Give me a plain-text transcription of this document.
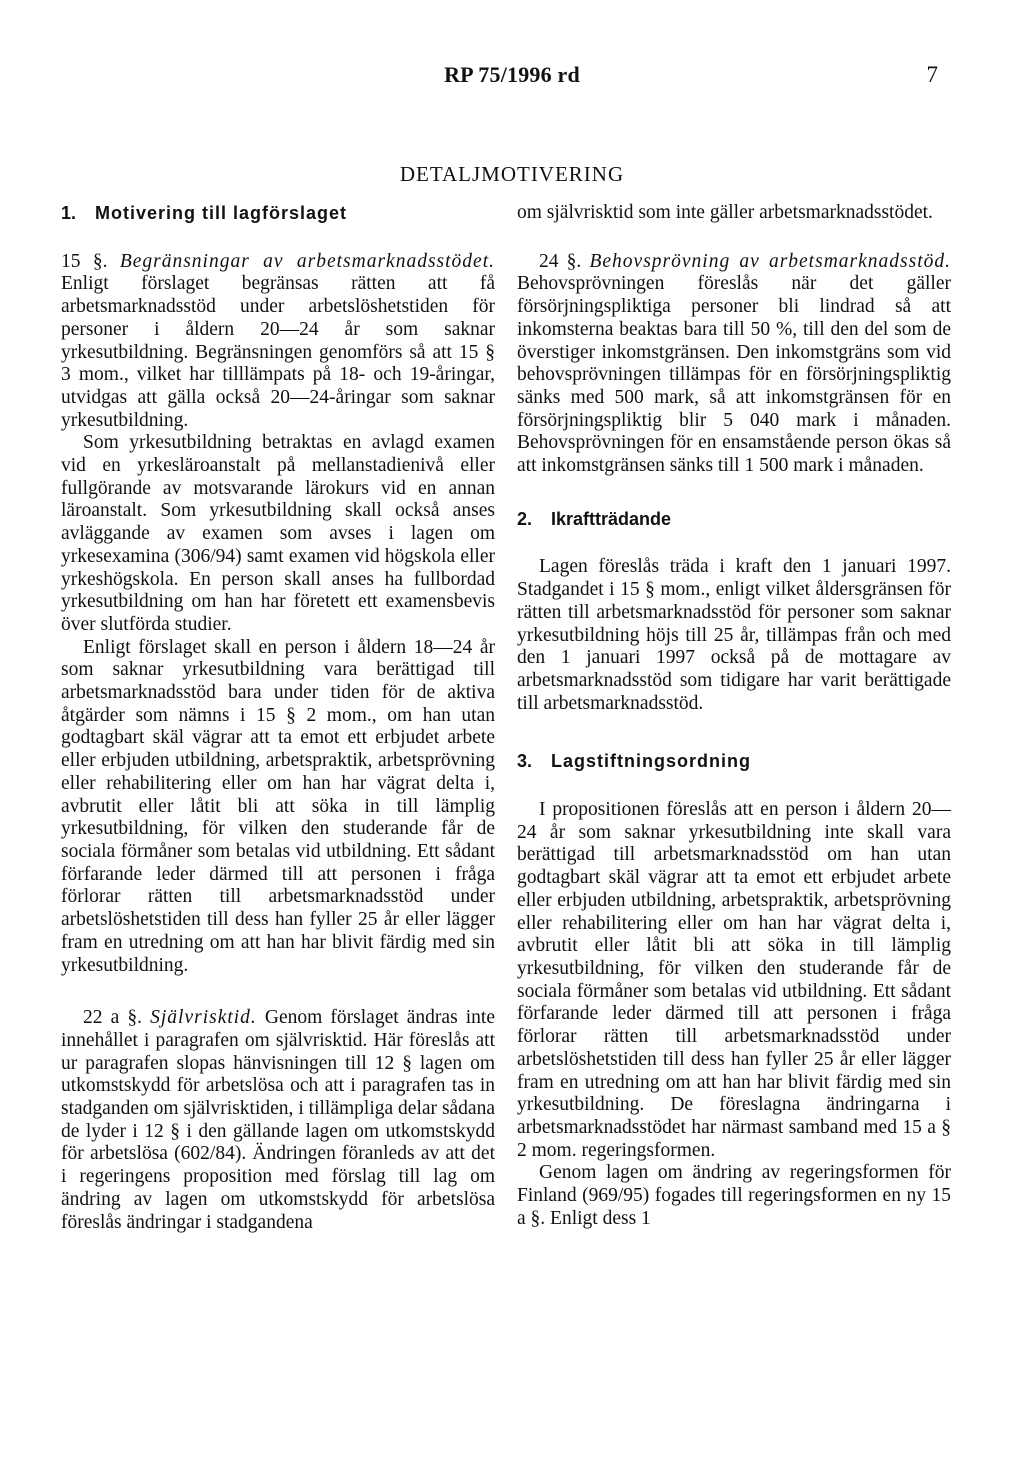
RP 75/1996 rd	7
DETALJMOTIVERING
1. Motivering till lagförslaget

15 §. Begränsningar av arbetsmarknadsstödet. Enligt förslaget begränsas rätten att få arbetsmarknadsstöd under arbetslöshetstiden för personer i åldern 20—24 år som saknar yrkesutbildning. Begränsningen genomförs så att 15 § 3 mom., vilket har tilllämpats på 18- och 19-åringar, utvidgas att gälla också 20—24-åringar som saknar yrkesutbildning.

Som yrkesutbildning betraktas en avlagd examen vid en yrkesläroanstalt på mellanstadienivå eller fullgörande av motsvarande lärokurs vid en annan läroanstalt. Som yrkesutbildning skall också anses avläggande av examen som avses i lagen om yrkesexamina (306/94) samt examen vid högskola eller yrkeshögskola. En person skall anses ha fullbordad yrkesutbildning om han har företett ett examensbevis över slutförda studier.

Enligt förslaget skall en person i åldern 18—24 år som saknar yrkesutbildning vara berättigad till arbetsmarknadsstöd bara under tiden för de aktiva åtgärder som nämns i 15 § 2 mom., om han utan godtagbart skäl vägrar att ta emot ett erbjudet arbete eller erbjuden utbildning, arbetspraktik, arbetsprövning eller rehabilitering eller om han har vägrat delta i, avbrutit eller låtit bli att söka in till lämplig yrkesutbildning, för vilken den studerande får de sociala förmåner som betalas vid utbildning. Ett sådant förfarande leder därmed till att personen i fråga förlorar rätten till arbetsmarknadsstöd under arbetslöshetstiden till dess han fyller 25 år eller lägger fram en utredning om att han har blivit färdig med sin yrkesutbildning.

22 a §. Självrisktid. Genom förslaget ändras inte innehållet i paragrafen om självrisktid. Här föreslås att ur paragrafen slopas hänvisningen till 12 § lagen om utkomstskydd för arbetslösa och att i paragrafen tas in stadganden om självrisktiden, i tillämpliga delar sådana de lyder i 12 § i den gällande lagen om utkomstskydd för arbetslösa (602/84). Ändringen föranleds av att det i regeringens proposition med förslag till lag om ändring av lagen om utkomstskydd för arbetslösa föreslås ändringar i stadgandena

om självrisktid som inte gäller arbetsmarknadsstödet.

24 §. Behovsprövning av arbetsmarknadsstöd. Behovsprövningen föreslås när det gäller försörjningspliktiga personer bli lindrad så att inkomsterna beaktas bara till 50 %, till den del som de överstiger inkomstgränsen. Den inkomstgräns som vid behovsprövningen tillämpas för en försörjningspliktig sänks med 500 mark, så att inkomstgränsen för en försörjningspliktig blir 5 040 mark i månaden. Behovsprövningen för en ensamstående person ökas så att inkomstgränsen sänks till 1 500 mark i månaden.

2. Ikraftträdande

Lagen föreslås träda i kraft den 1 januari 1997. Stadgandet i 15 § mom., enligt vilket åldersgränsen för rätten till arbetsmarknadsstöd för personer som saknar yrkesutbildning höjs till 25 år, tillämpas från och med den 1 januari 1997 också på de mottagare av arbetsmarknadsstöd som tidigare har varit berättigade till arbetsmarknadsstöd.

3. Lagstiftningsordning

I propositionen föreslås att en person i åldern 20—24 år som saknar yrkesutbildning inte skall vara berättigad till arbetsmarknadsstöd om han utan godtagbart skäl vägrar att ta emot ett erbjudet arbete eller erbjuden utbildning, arbetspraktik, arbetsprövning eller rehabilitering eller om han har vägrat delta i, avbrutit eller låtit bli att söka in till lämplig yrkesutbildning, för vilken den studerande får de sociala förmåner som betalas vid utbildning. Ett sådant förfarande leder därmed till att personen i fråga förlorar rätten till arbetsmarknadsstöd under arbetslöshetstiden till dess han fyller 25 år eller lägger fram en utredning om att han har blivit färdig med sin yrkesutbildning. De föreslagna ändringarna i arbetsmarknadsstödet har närmast samband med 15 a § 2 mom. regeringsformen.

Genom lagen om ändring av regeringsformen för Finland (969/95) fogades till regeringsformen en ny 15 a §. Enligt dess 1
